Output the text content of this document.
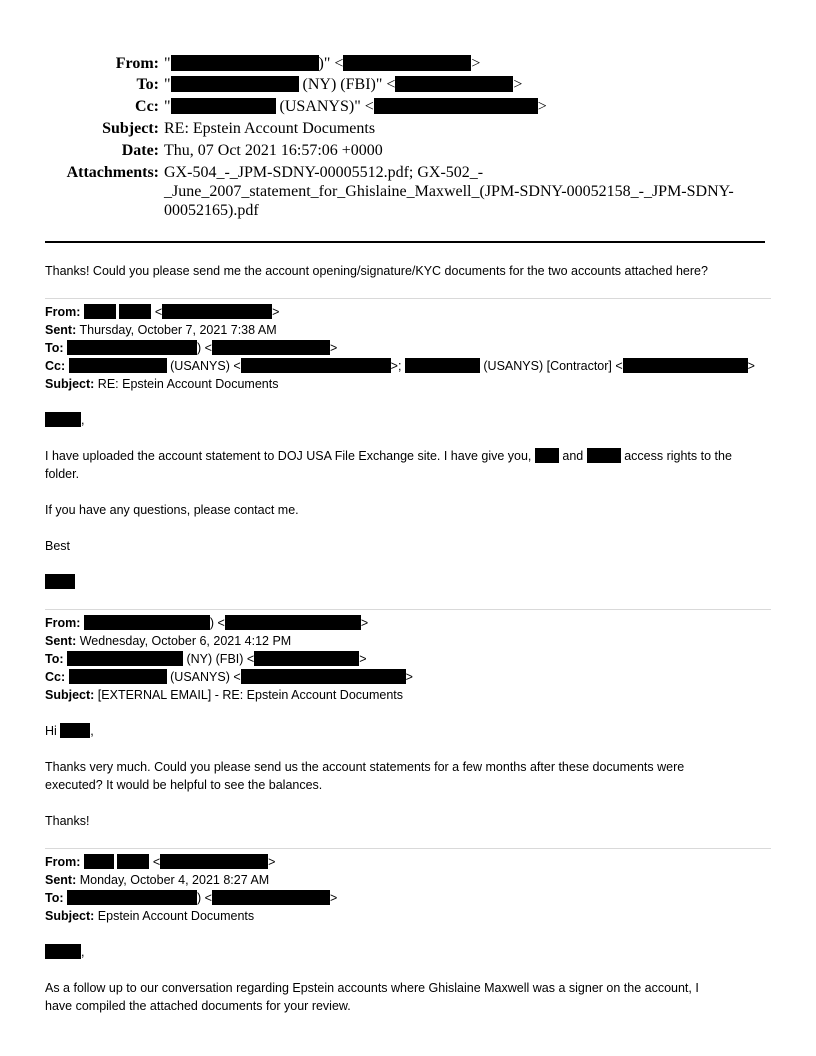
From: "	)" <	>
To: "	(NY) (FBI)" <	>
Cc: "	(USANYS)" <	>
Subject: RE: Epstein Account Documents
Date: Thu, 07 Oct 2021 16:57:06 +0000
Attachments: GX-504_-_JPM-SDNY-00005512.pdf; GX-502_-
_June_2007_statement_for_Ghislaine_Maxwell_(JPM-SDNY-00052158_-_JPM-SDNY-
00052165).pdf
Thanks! Could you please send me the account opening/signature/KYC documents for the two accounts attached here?
From:	<	>
Sent: Thursday, October 7, 2021 7:38 AM
To:	) <	>
Cc:	(USANYS) <	>;	(USANYS) [Contractor] <	>
Subject: RE: Epstein Account Documents
,
I have uploaded the account statement to DOJ USA File Exchange site. I have give you, and	access rights to the
folder.
If you have any questions, please contact me.
Best
From:	) <	>
Sent: Wednesday, October 6, 2021 4:12 PM
To:	(NY) (FBI) <	>
Cc:	(USANYS) <	>
Subject: [EXTERNAL EMAIL] - RE: Epstein Account Documents
Hi	,
Thanks very much. Could you please send us the account statements for a few months after these documents were
executed? It would be helpful to see the balances.
Thanks!
From:	<	>
Sent: Monday, October 4, 2021 8:27 AM
To:	) <	>
Subject: Epstein Account Documents
,
As a follow up to our conversation regarding Epstein accounts where Ghislaine Maxwell was a signer on the account, I
have compiled the attached documents for your review.
